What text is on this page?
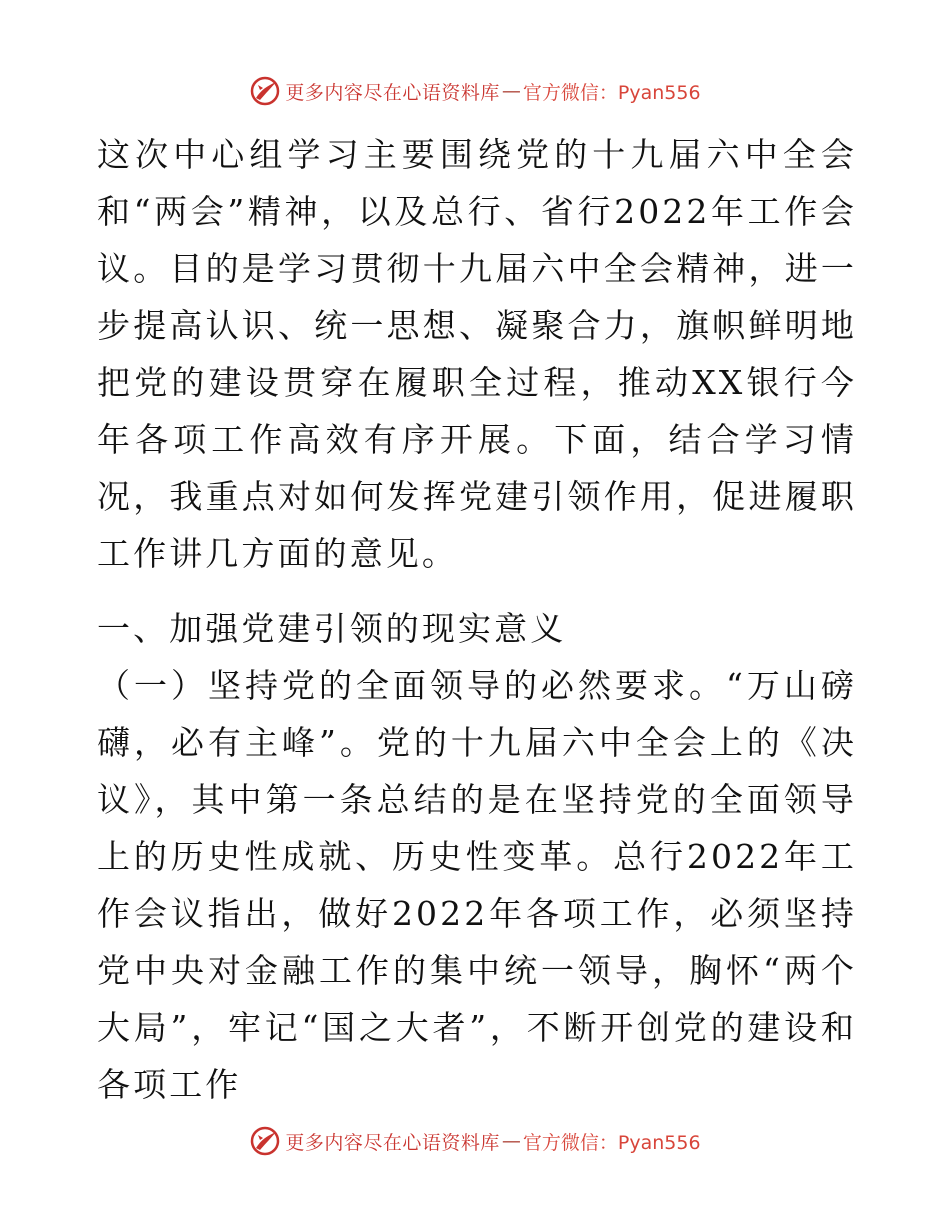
更多内容尽在心语资料库 — 官方微信：Pyan556

这次中心组学习主要围绕党的十九届六中全会和“两会”精神，以及总行、省行2022年工作会议。目的是学习贯彻十九届六中全会精神，进一步提高认识、统一思想、凝聚合力，旗帜鲜明地把党的建设贯穿在履职全过程，推动XX银行今年各项工作高效有序开展。下面，结合学习情况，我重点对如何发挥党建引领作用，促进履职工作讲几方面的意见。

一、加强党建引领的现实意义

（一）坚持党的全面领导的必然要求。“万山磅礴，必有主峰”。党的十九届六中全会上的《决议》，其中第一条总结的是在坚持党的全面领导上的历史性成就、历史性变革。总行2022年工作会议指出，做好2022年各项工作，必须坚持党中央对金融工作的集中统一领导，胸怀“两个大局”，牢记“国之大者”，不断开创党的建设和各项工作

更多内容尽在心语资料库 — 官方微信：Pyan556
